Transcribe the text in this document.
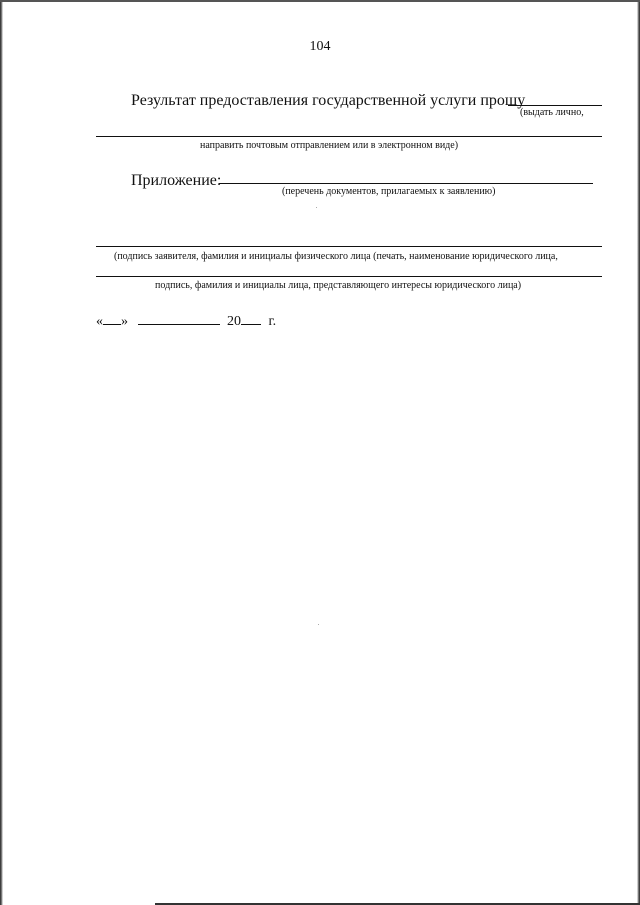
104
Результат предоставления государственной услуги прошу
(выдать лично,
направить почтовым отправлением или в электронном виде)
Приложение:
(перечень документов, прилагаемых к заявлению)
(подпись заявителя, фамилия и инициалы физического лица (печать, наименование юридического лица,
подпись, фамилия и инициалы лица, представляющего интересы юридического лица)
« »	20 г.
